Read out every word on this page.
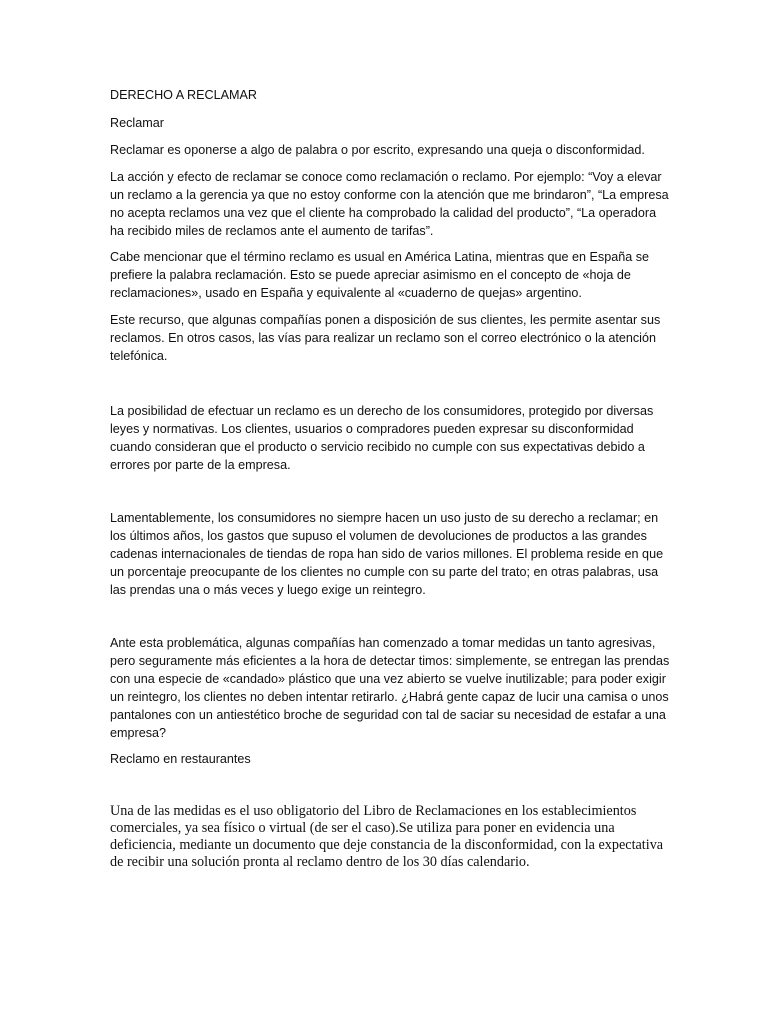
DERECHO A RECLAMAR

Reclamar

Reclamar es oponerse a algo de palabra o por escrito, expresando una queja o disconformidad.

La acción y efecto de reclamar se conoce como reclamación o reclamo. Por ejemplo: “Voy a elevar un reclamo a la gerencia ya que no estoy conforme con la atención que me brindaron”, “La empresa no acepta reclamos una vez que el cliente ha comprobado la calidad del producto”, “La operadora ha recibido miles de reclamos ante el aumento de tarifas”.

Cabe mencionar que el término reclamo es usual en América Latina, mientras que en España se prefiere la palabra reclamación. Esto se puede apreciar asimismo en el concepto de «hoja de reclamaciones», usado en España y equivalente al «cuaderno de quejas» argentino.

Este recurso, que algunas compañías ponen a disposición de sus clientes, les permite asentar sus reclamos. En otros casos, las vías para realizar un reclamo son el correo electrónico o la atención telefónica.

La posibilidad de efectuar un reclamo es un derecho de los consumidores, protegido por diversas leyes y normativas. Los clientes, usuarios o compradores pueden expresar su disconformidad cuando consideran que el producto o servicio recibido no cumple con sus expectativas debido a errores por parte de la empresa.

Lamentablemente, los consumidores no siempre hacen un uso justo de su derecho a reclamar; en los últimos años, los gastos que supuso el volumen de devoluciones de productos a las grandes cadenas internacionales de tiendas de ropa han sido de varios millones. El problema reside en que un porcentaje preocupante de los clientes no cumple con su parte del trato; en otras palabras, usa las prendas una o más veces y luego exige un reintegro.

Ante esta problemática, algunas compañías han comenzado a tomar medidas un tanto agresivas, pero seguramente más eficientes a la hora de detectar timos: simplemente, se entregan las prendas con una especie de «candado» plástico que una vez abierto se vuelve inutilizable; para poder exigir un reintegro, los clientes no deben intentar retirarlo. ¿Habrá gente capaz de lucir una camisa o unos pantalones con un antiestético broche de seguridad con tal de saciar su necesidad de estafar a una empresa?

Reclamo en restaurantes

Una de las medidas es el uso obligatorio del Libro de Reclamaciones en los establecimientos comerciales, ya sea físico o virtual (de ser el caso).Se utiliza para poner en evidencia una deficiencia, mediante un documento que deje constancia de la disconformidad, con la expectativa de recibir una solución pronta al reclamo dentro de los 30 días calendario.
